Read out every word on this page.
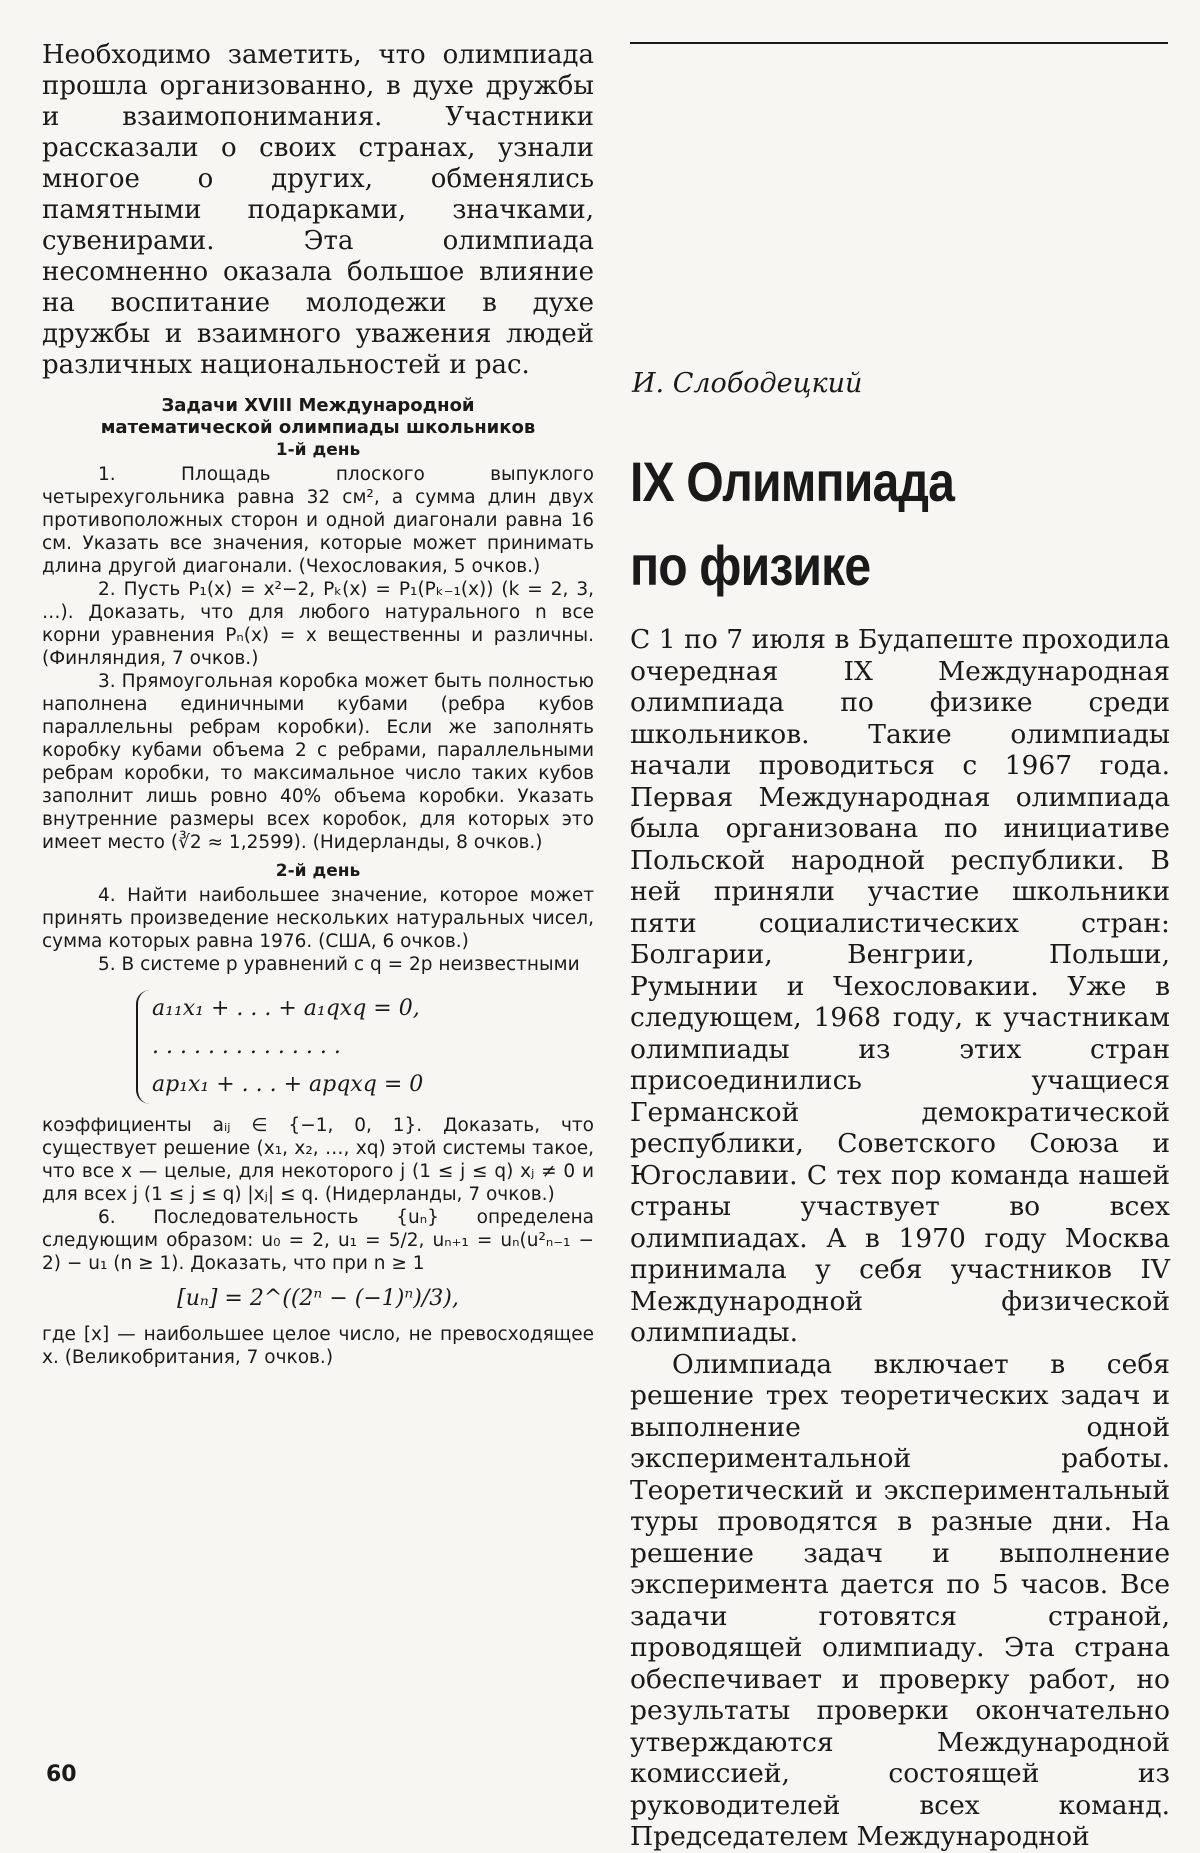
Необходимо заметить, что олимпиада прошла организованно, в духе дружбы и взаимопонимания. Участники рассказали о своих странах, узнали многое о других, обменялись памятными подарками, значками, сувенирами. Эта олимпиада несомненно оказала большое влияние на воспитание молодежи в духе дружбы и взаимного уважения людей различных национальностей и рас.

Задачи XVIII Международной
математической олимпиады школьников
1-й день

1. Площадь плоского выпуклого четырехугольника равна 32 см², а сумма длин двух противоположных сторон и одной диагонали равна 16 см. Указать все значения, которые может принимать длина другой диагонали. (Чехословакия, 5 очков.)

2. Пусть P₁(x) = x²−2, Pₖ(x) = P₁(Pₖ₋₁(x)) (k = 2, 3, …). Доказать, что для любого натурального n все корни уравнения Pₙ(x) = x вещественны и различны. (Финляндия, 7 очков.)

3. Прямоугольная коробка может быть полностью наполнена единичными кубами (ребра кубов параллельны ребрам коробки). Если же заполнять коробку кубами объема 2 с ребрами, параллельными ребрам коробки, то максимальное число таких кубов заполнит лишь ровно 40% объема коробки. Указать внутренние размеры всех коробок, для которых это имеет место (∛2 ≈ 1,2599). (Нидерланды, 8 очков.)

2-й день

4. Найти наибольшее значение, которое может принять произведение нескольких натуральных чисел, сумма которых равна 1976. (США, 6 очков.)

5. В системе p уравнений с q = 2p неизвестными

a₁₁x₁ + . . . + a₁qxq = 0,
. . . . . . . . . . . . . .
ap₁x₁ + . . . + apqxq = 0

коэффициенты aᵢⱼ ∈ {−1, 0, 1}. Доказать, что существует решение (x₁, x₂, …, xq) этой системы такое, что все x — целые, для некоторого j (1 ≤ j ≤ q) xⱼ ≠ 0 и для всех j (1 ≤ j ≤ q) |xⱼ| ≤ q. (Нидерланды, 7 очков.)

6. Последовательность {uₙ} определена следующим образом: u₀ = 2, u₁ = 5/2, uₙ₊₁ = uₙ(u²ₙ₋₁ − 2) − u₁ (n ≥ 1). Доказать, что при n ≥ 1

[uₙ] = 2^((2ⁿ − (−1)ⁿ)/3),

где [x] — наибольшее целое число, не превосходящее x. (Великобритания, 7 очков.)

60
И. Слободецкий
IX Олимпиада
по физике

С 1 по 7 июля в Будапеште проходила очередная IX Международная олимпиада по физике среди школьников. Такие олимпиады начали проводиться с 1967 года. Первая Международная олимпиада была организована по инициативе Польской народной республики. В ней приняли участие школьники пяти социалистических стран: Болгарии, Венгрии, Польши, Румынии и Чехословакии. Уже в следующем, 1968 году, к участникам олимпиады из этих стран присоединились учащиеся Германской демократической республики, Советского Союза и Югославии. С тех пор команда нашей страны участвует во всех олимпиадах. А в 1970 году Москва принимала у себя участников IV Международной физической олимпиады.

Олимпиада включает в себя решение трех теоретических задач и выполнение одной экспериментальной работы. Теоретический и экспериментальный туры проводятся в разные дни. На решение задач и выполнение эксперимента дается по 5 часов. Все задачи готовятся страной, проводящей олимпиаду. Эта страна обеспечивает и проверку работ, но результаты проверки окончательно утверждаются Международной комиссией, состоящей из руководителей всех команд. Председателем Международной
